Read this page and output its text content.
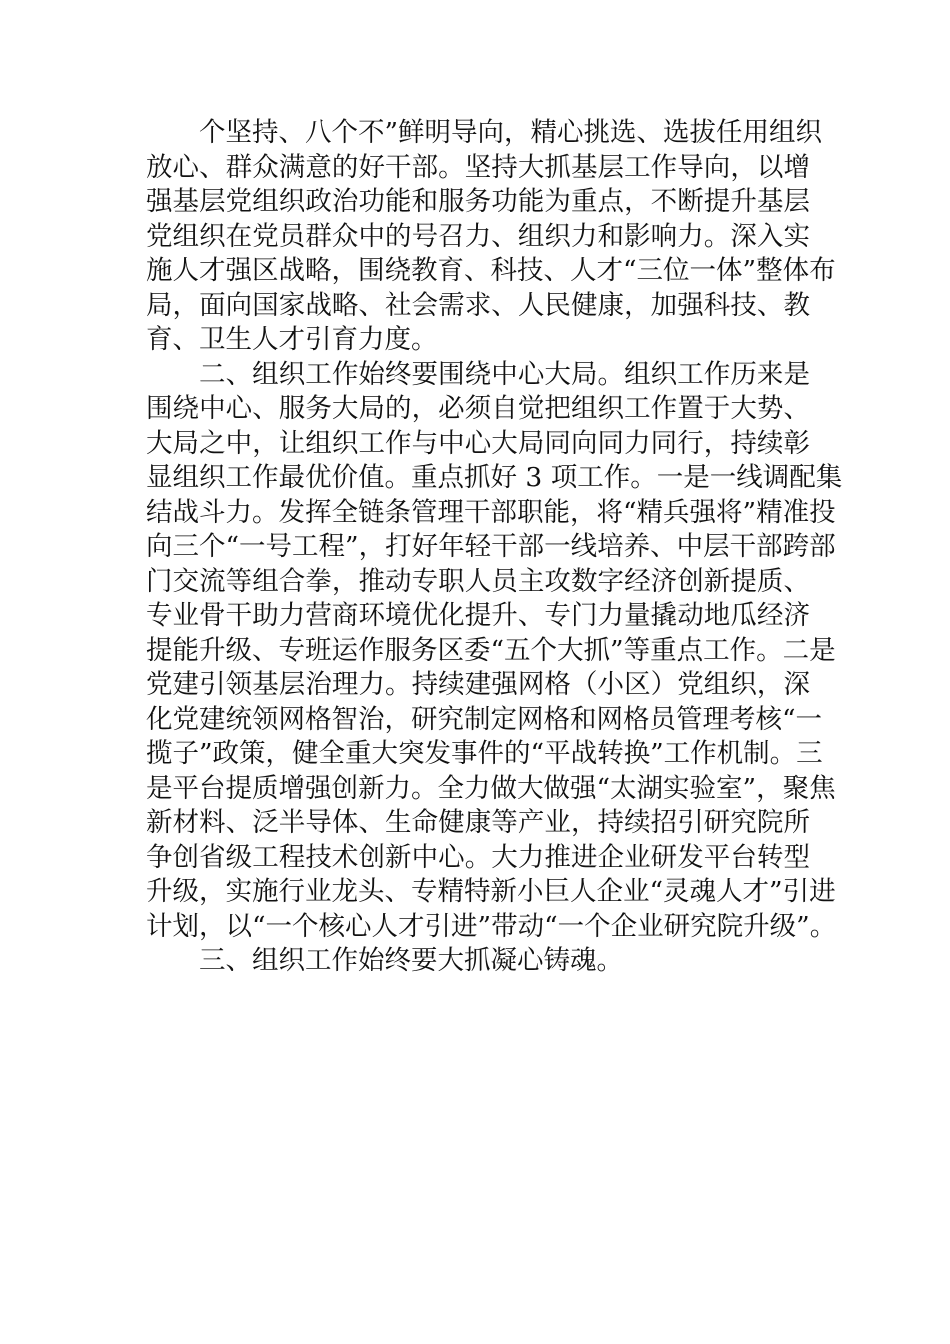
个坚持、八个不”鲜明导向，精心挑选、选拔任用组织
放心、群众满意的好干部。坚持大抓基层工作导向，以增
强基层党组织政治功能和服务功能为重点，不断提升基层
党组织在党员群众中的号召力、组织力和影响力。深入实
施人才强区战略，围绕教育、科技、人才“三位一体”整体布
局，面向国家战略、社会需求、人民健康，加强科技、教
育、卫生人才引育力度。
二、组织工作始终要围绕中心大局。组织工作历来是
围绕中心、服务大局的，必须自觉把组织工作置于大势、
大局之中，让组织工作与中心大局同向同力同行，持续彰
显组织工作最优价值。重点抓好 3 项工作。一是一线调配集
结战斗力。发挥全链条管理干部职能，将“精兵强将”精准投
向三个“一号工程”，打好年轻干部一线培养、中层干部跨部
门交流等组合拳，推动专职人员主攻数字经济创新提质、
专业骨干助力营商环境优化提升、专门力量撬动地瓜经济
提能升级、专班运作服务区委“五个大抓”等重点工作。二是
党建引领基层治理力。持续建强网格（小区）党组织，深
化党建统领网格智治，研究制定网格和网格员管理考核“一
揽子”政策，健全重大突发事件的“平战转换”工作机制。三
是平台提质增强创新力。全力做大做强“太湖实验室”，聚焦
新材料、泛半导体、生命健康等产业，持续招引研究院所
争创省级工程技术创新中心。大力推进企业研发平台转型
升级，实施行业龙头、专精特新小巨人企业“灵魂人才”引进
计划，以“一个核心人才引进”带动“一个企业研究院升级”。
三、组织工作始终要大抓凝心铸魂。
